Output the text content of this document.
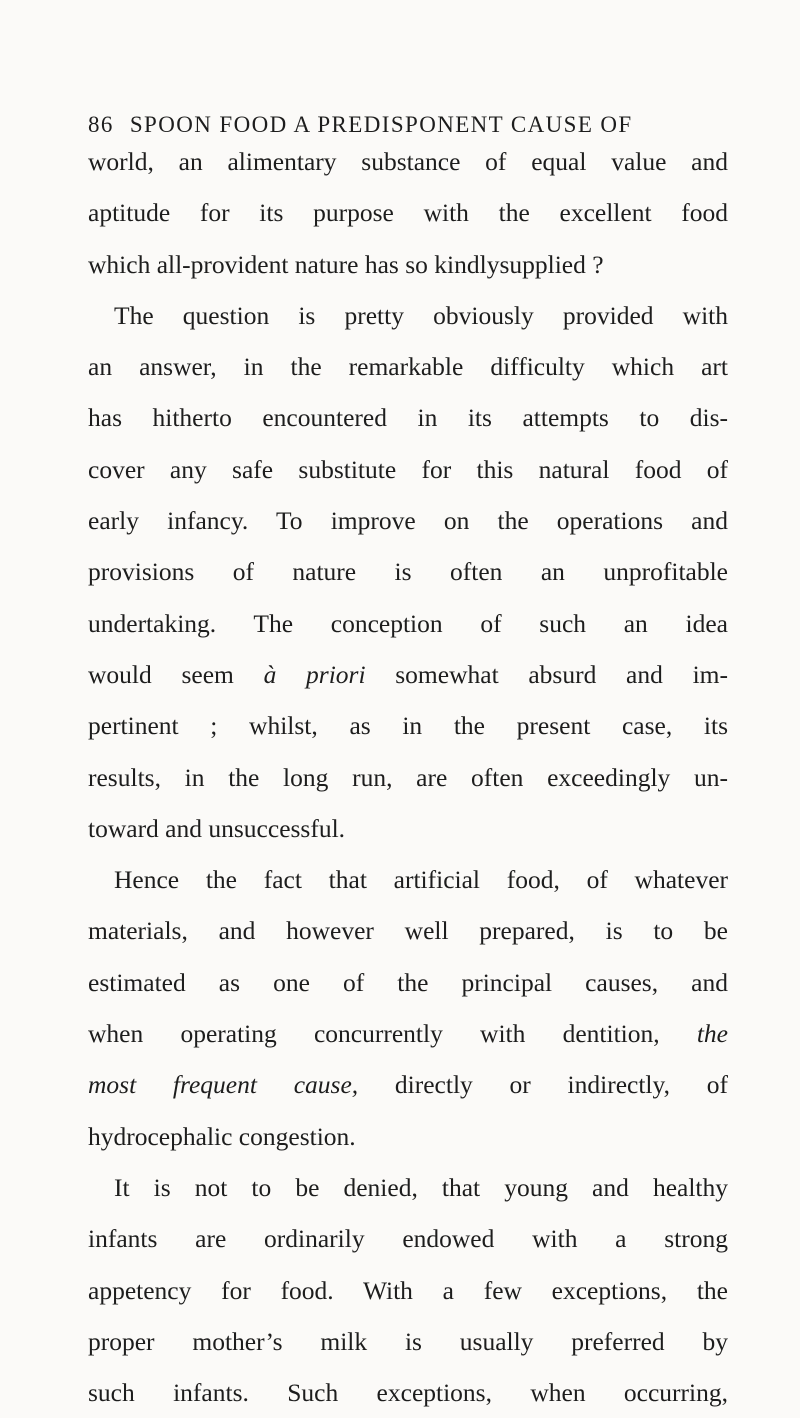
86 SPOON FOOD A PREDISPONENT CAUSE OF
world, an alimentary substance of equal value and
aptitude for its purpose with the excellent food
which all-provident nature has so kindlysupplied ?
The question is pretty obviously provided with
an answer, in the remarkable difficulty which art
has hitherto encountered in its attempts to dis-
cover any safe substitute for this natural food of
early infancy. To improve on the operations and
provisions of nature is often an unprofitable
undertaking. The conception of such an idea
would seem à priori somewhat absurd and im-
pertinent ; whilst, as in the present case, its
results, in the long run, are often exceedingly un-
toward and unsuccessful.
Hence the fact that artificial food, of whatever
materials, and however well prepared, is to be
estimated as one of the principal causes, and
when operating concurrently with dentition, the
most frequent cause, directly or indirectly, of
hydrocephalic congestion.
It is not to be denied, that young and healthy
infants are ordinarily endowed with a strong
appetency for food. With a few exceptions, the
proper mother’s milk is usually preferred by
such infants. Such exceptions, when occurring,
